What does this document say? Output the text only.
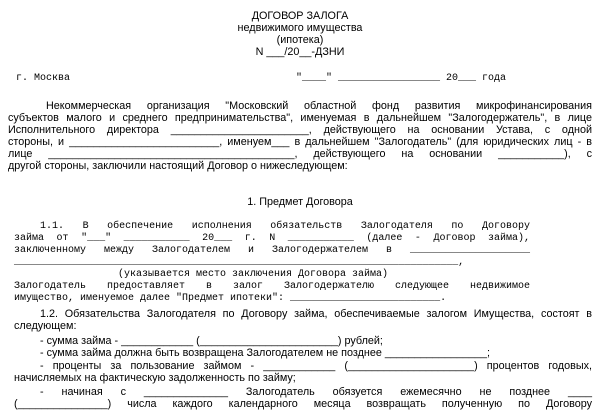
ДОГОВОР ЗАЛОГА
недвижимого имущества
(ипотека)
N ___/20__-ДЗНИ
г. Москва	"____" _________________ 20___ года
Некоммерческая организация "Московский областной фонд развития микрофинансирования
субъектов малого и среднего предпринимательства", именуемая в дальнейшем "Залогодержатель", в лице
Исполнительного директора _______________________, действующего на основании Устава, с одной
стороны, и _________________________, именуем___ в дальнейшем "Залогодатель" (для юридических лиц - в
лице _________________________________________, действующего на основании ___________), с
другой стороны, заключили настоящий Договор о нижеследующем:
1. Предмет Договора
1.1. В обеспечение исполнения обязательств Залогодателя по Договору
займа от "___" ___________ 20___ г. N ___________ (далее - Договор займа),
заключенному между Залогодателем и Залогодержателем в ____________________
__________________________________________________________________________,
(указывается место заключения Договора займа)
Залогодатель предоставляет в залог Залогодержателю следующее недвижимое
имущество, именуемое далее "Предмет ипотеки": _________________________.
1.2. Обязательства Залогодателя по Договору займа, обеспечиваемые залогом Имущества, состоят в
следующем:
- сумма займа - ____________ (_______________________) рублей;
- сумма займа должна быть возвращена Залогодателем не позднее _________________;
- проценты за пользование займом - ____________ (_____________________) процентов годовых,
начисляемых на фактическую задолженность по займу;
- начиная с ______________ Залогодатель обязуется ежемесячно не позднее ____
(_______________) числа каждого календарного месяца возвращать полученную по Договору
